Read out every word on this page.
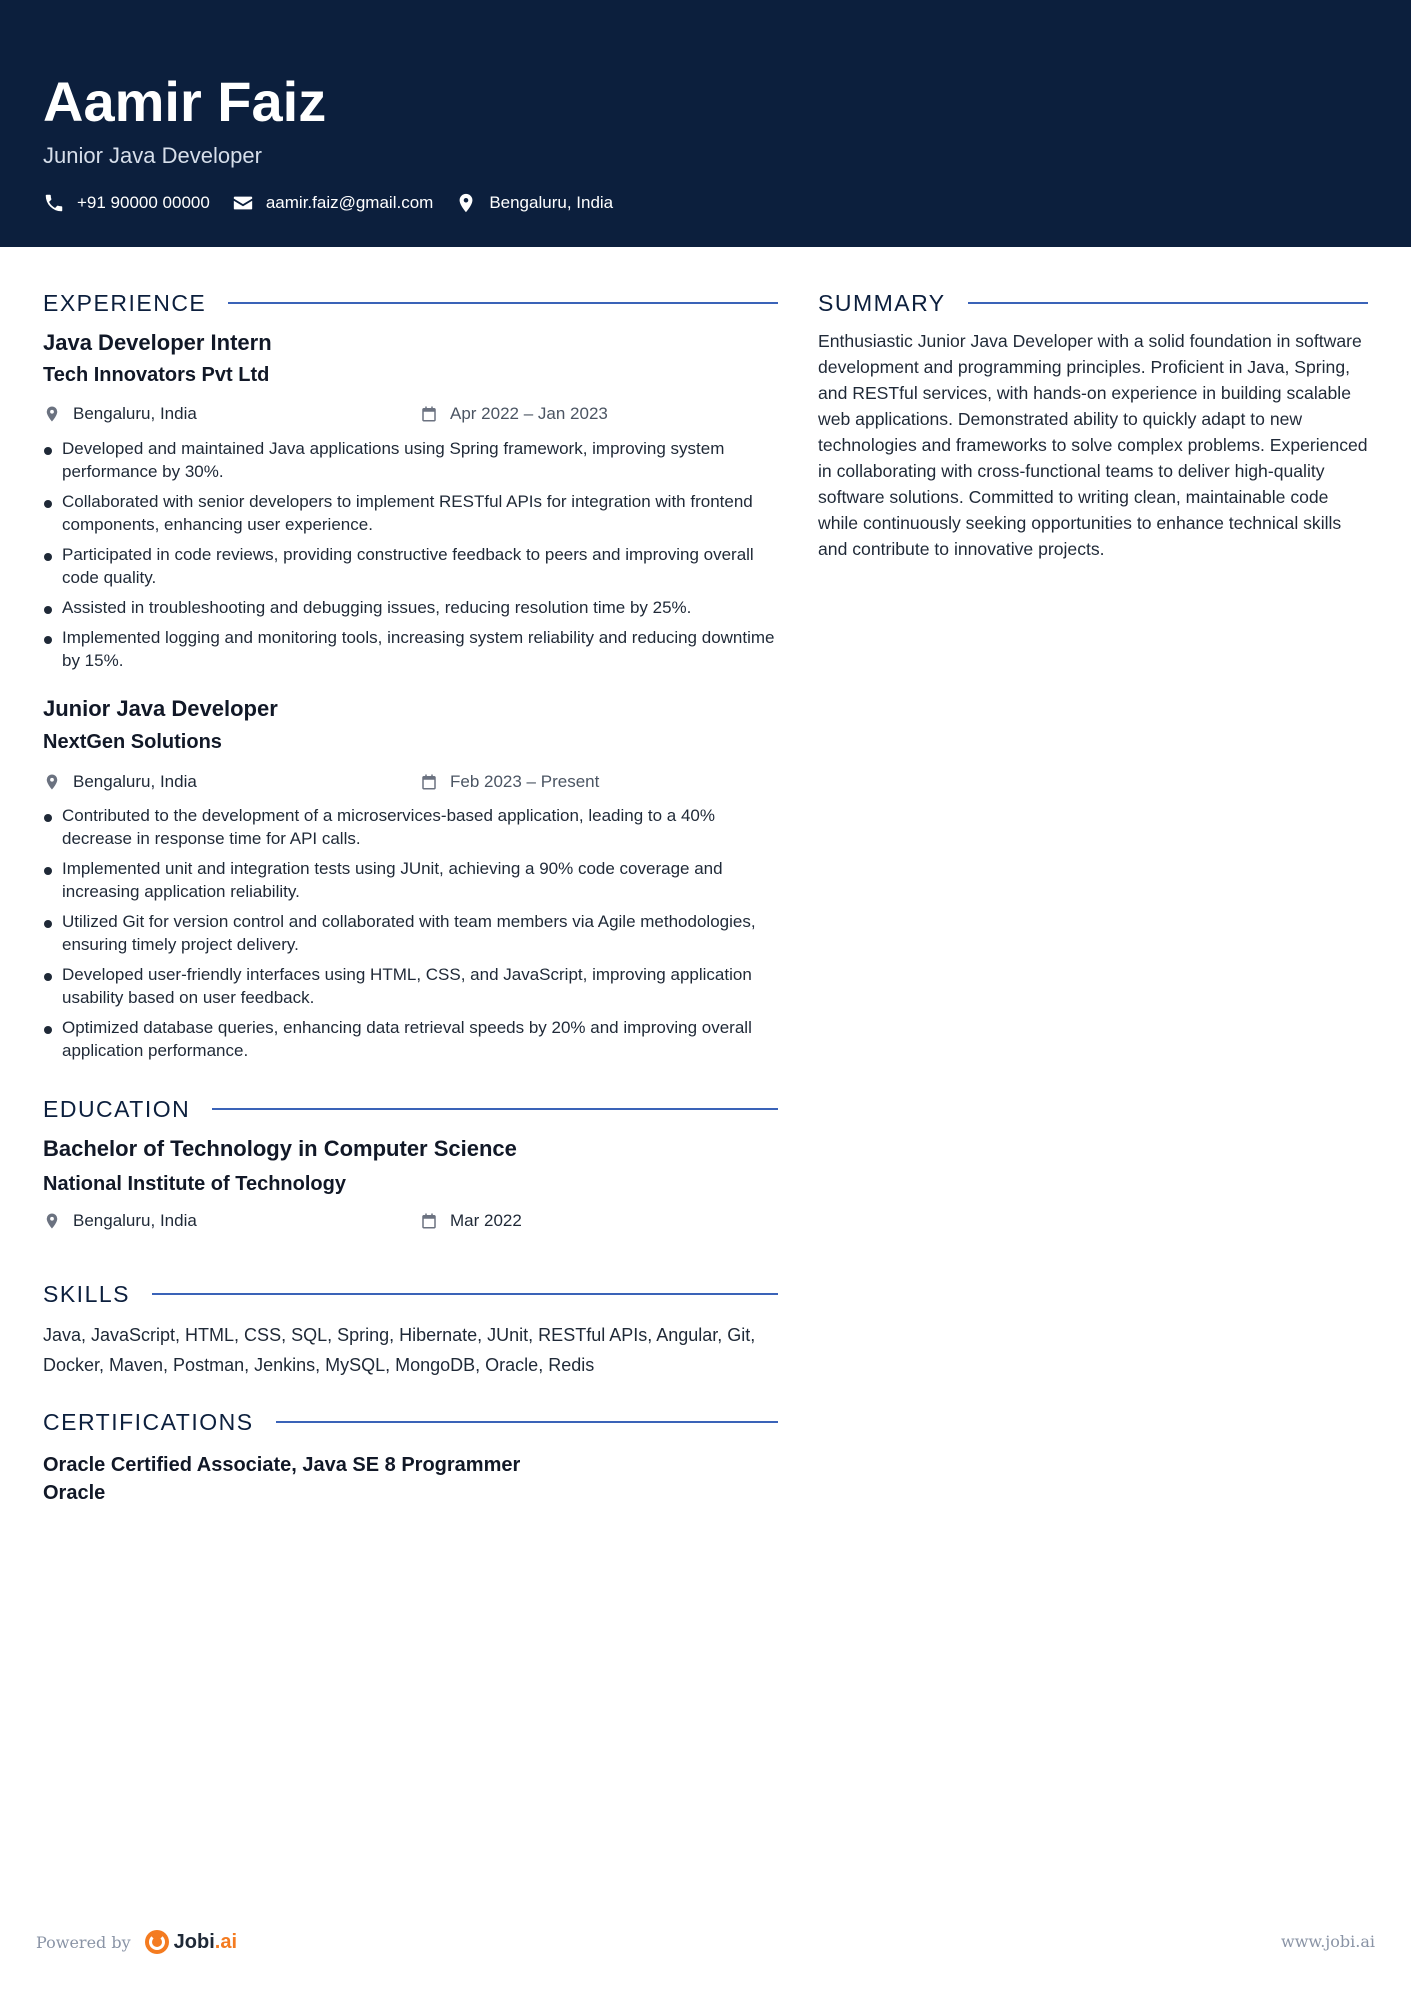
Aamir Faiz
Junior Java Developer
+91 90000 00000	aamir.faiz@gmail.com	Bengaluru, India
EXPERIENCE
Java Developer Intern
Tech Innovators Pvt Ltd
Bengaluru, India	Apr 2022 – Jan 2023
Developed and maintained Java applications using Spring framework, improving system performance by 30%.
Collaborated with senior developers to implement RESTful APIs for integration with frontend components, enhancing user experience.
Participated in code reviews, providing constructive feedback to peers and improving overall code quality.
Assisted in troubleshooting and debugging issues, reducing resolution time by 25%.
Implemented logging and monitoring tools, increasing system reliability and reducing downtime by 15%.
Junior Java Developer
NextGen Solutions
Bengaluru, India	Feb 2023 – Present
Contributed to the development of a microservices-based application, leading to a 40% decrease in response time for API calls.
Implemented unit and integration tests using JUnit, achieving a 90% code coverage and increasing application reliability.
Utilized Git for version control and collaborated with team members via Agile methodologies, ensuring timely project delivery.
Developed user-friendly interfaces using HTML, CSS, and JavaScript, improving application usability based on user feedback.
Optimized database queries, enhancing data retrieval speeds by 20% and improving overall application performance.
EDUCATION
Bachelor of Technology in Computer Science
National Institute of Technology
Bengaluru, India	Mar 2022
SKILLS
Java, JavaScript, HTML, CSS, SQL, Spring, Hibernate, JUnit, RESTful APIs, Angular, Git, Docker, Maven, Postman, Jenkins, MySQL, MongoDB, Oracle, Redis
CERTIFICATIONS
Oracle Certified Associate, Java SE 8 Programmer
Oracle
SUMMARY
Enthusiastic Junior Java Developer with a solid foundation in software development and programming principles. Proficient in Java, Spring, and RESTful services, with hands-on experience in building scalable web applications. Demonstrated ability to quickly adapt to new technologies and frameworks to solve complex problems. Experienced in collaborating with cross-functional teams to deliver high-quality software solutions. Committed to writing clean, maintainable code while continuously seeking opportunities to enhance technical skills and contribute to innovative projects.
Powered by Jobi.ai	www.jobi.ai
